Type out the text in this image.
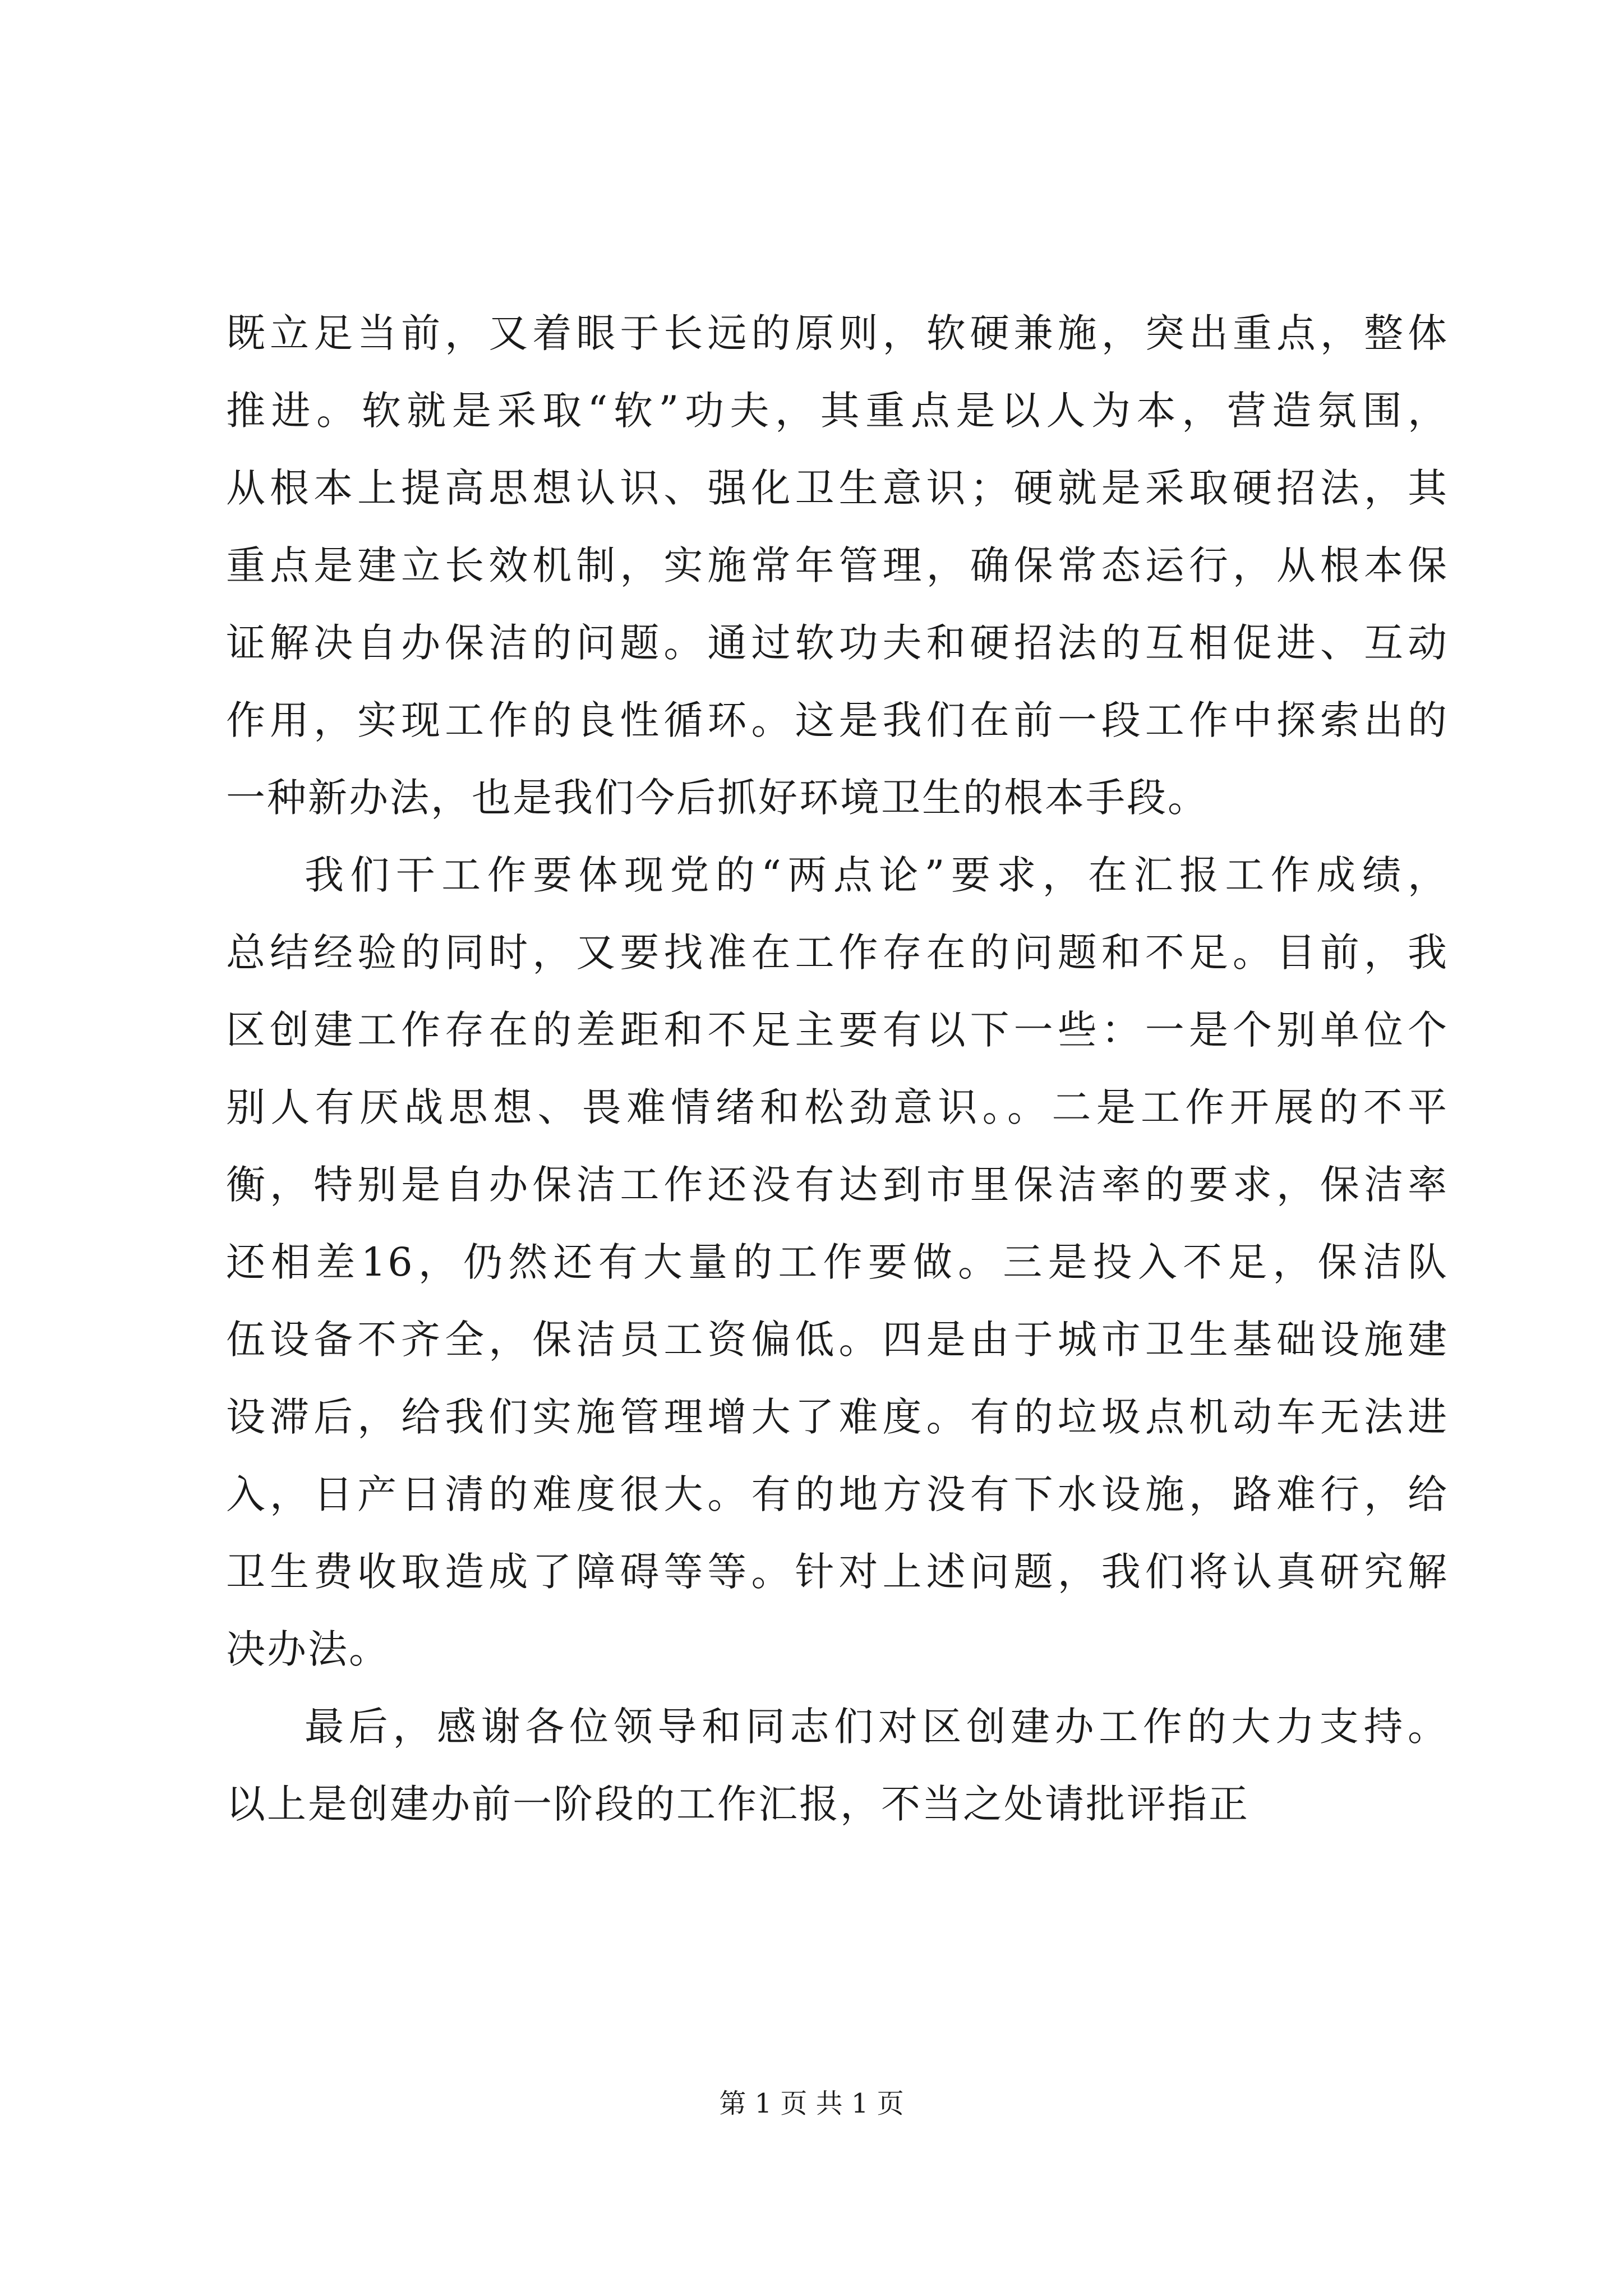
既立足当前，又着眼于长远的原则，软硬兼施，突出重点，整体
推进。软就是采取“软”功夫，其重点是以人为本，营造氛围，
从根本上提高思想认识、强化卫生意识；硬就是采取硬招法，其
重点是建立长效机制，实施常年管理，确保常态运行，从根本保
证解决自办保洁的问题。通过软功夫和硬招法的互相促进、互动
作用，实现工作的良性循环。这是我们在前一段工作中探索出的
一种新办法，也是我们今后抓好环境卫生的根本手段。
我们干工作要体现党的“两点论”要求，在汇报工作成绩，
总结经验的同时，又要找准在工作存在的问题和不足。目前，我
区创建工作存在的差距和不足主要有以下一些：一是个别单位个
别人有厌战思想、畏难情绪和松劲意识。。二是工作开展的不平
衡，特别是自办保洁工作还没有达到市里保洁率的要求，保洁率
还相差16，仍然还有大量的工作要做。三是投入不足，保洁队
伍设备不齐全，保洁员工资偏低。四是由于城市卫生基础设施建
设滞后，给我们实施管理增大了难度。有的垃圾点机动车无法进
入，日产日清的难度很大。有的地方没有下水设施，路难行，给
卫生费收取造成了障碍等等。针对上述问题，我们将认真研究解
决办法。
最后，感谢各位领导和同志们对区创建办工作的大力支持。
以上是创建办前一阶段的工作汇报，不当之处请批评指正
第 1 页 共 1 页
